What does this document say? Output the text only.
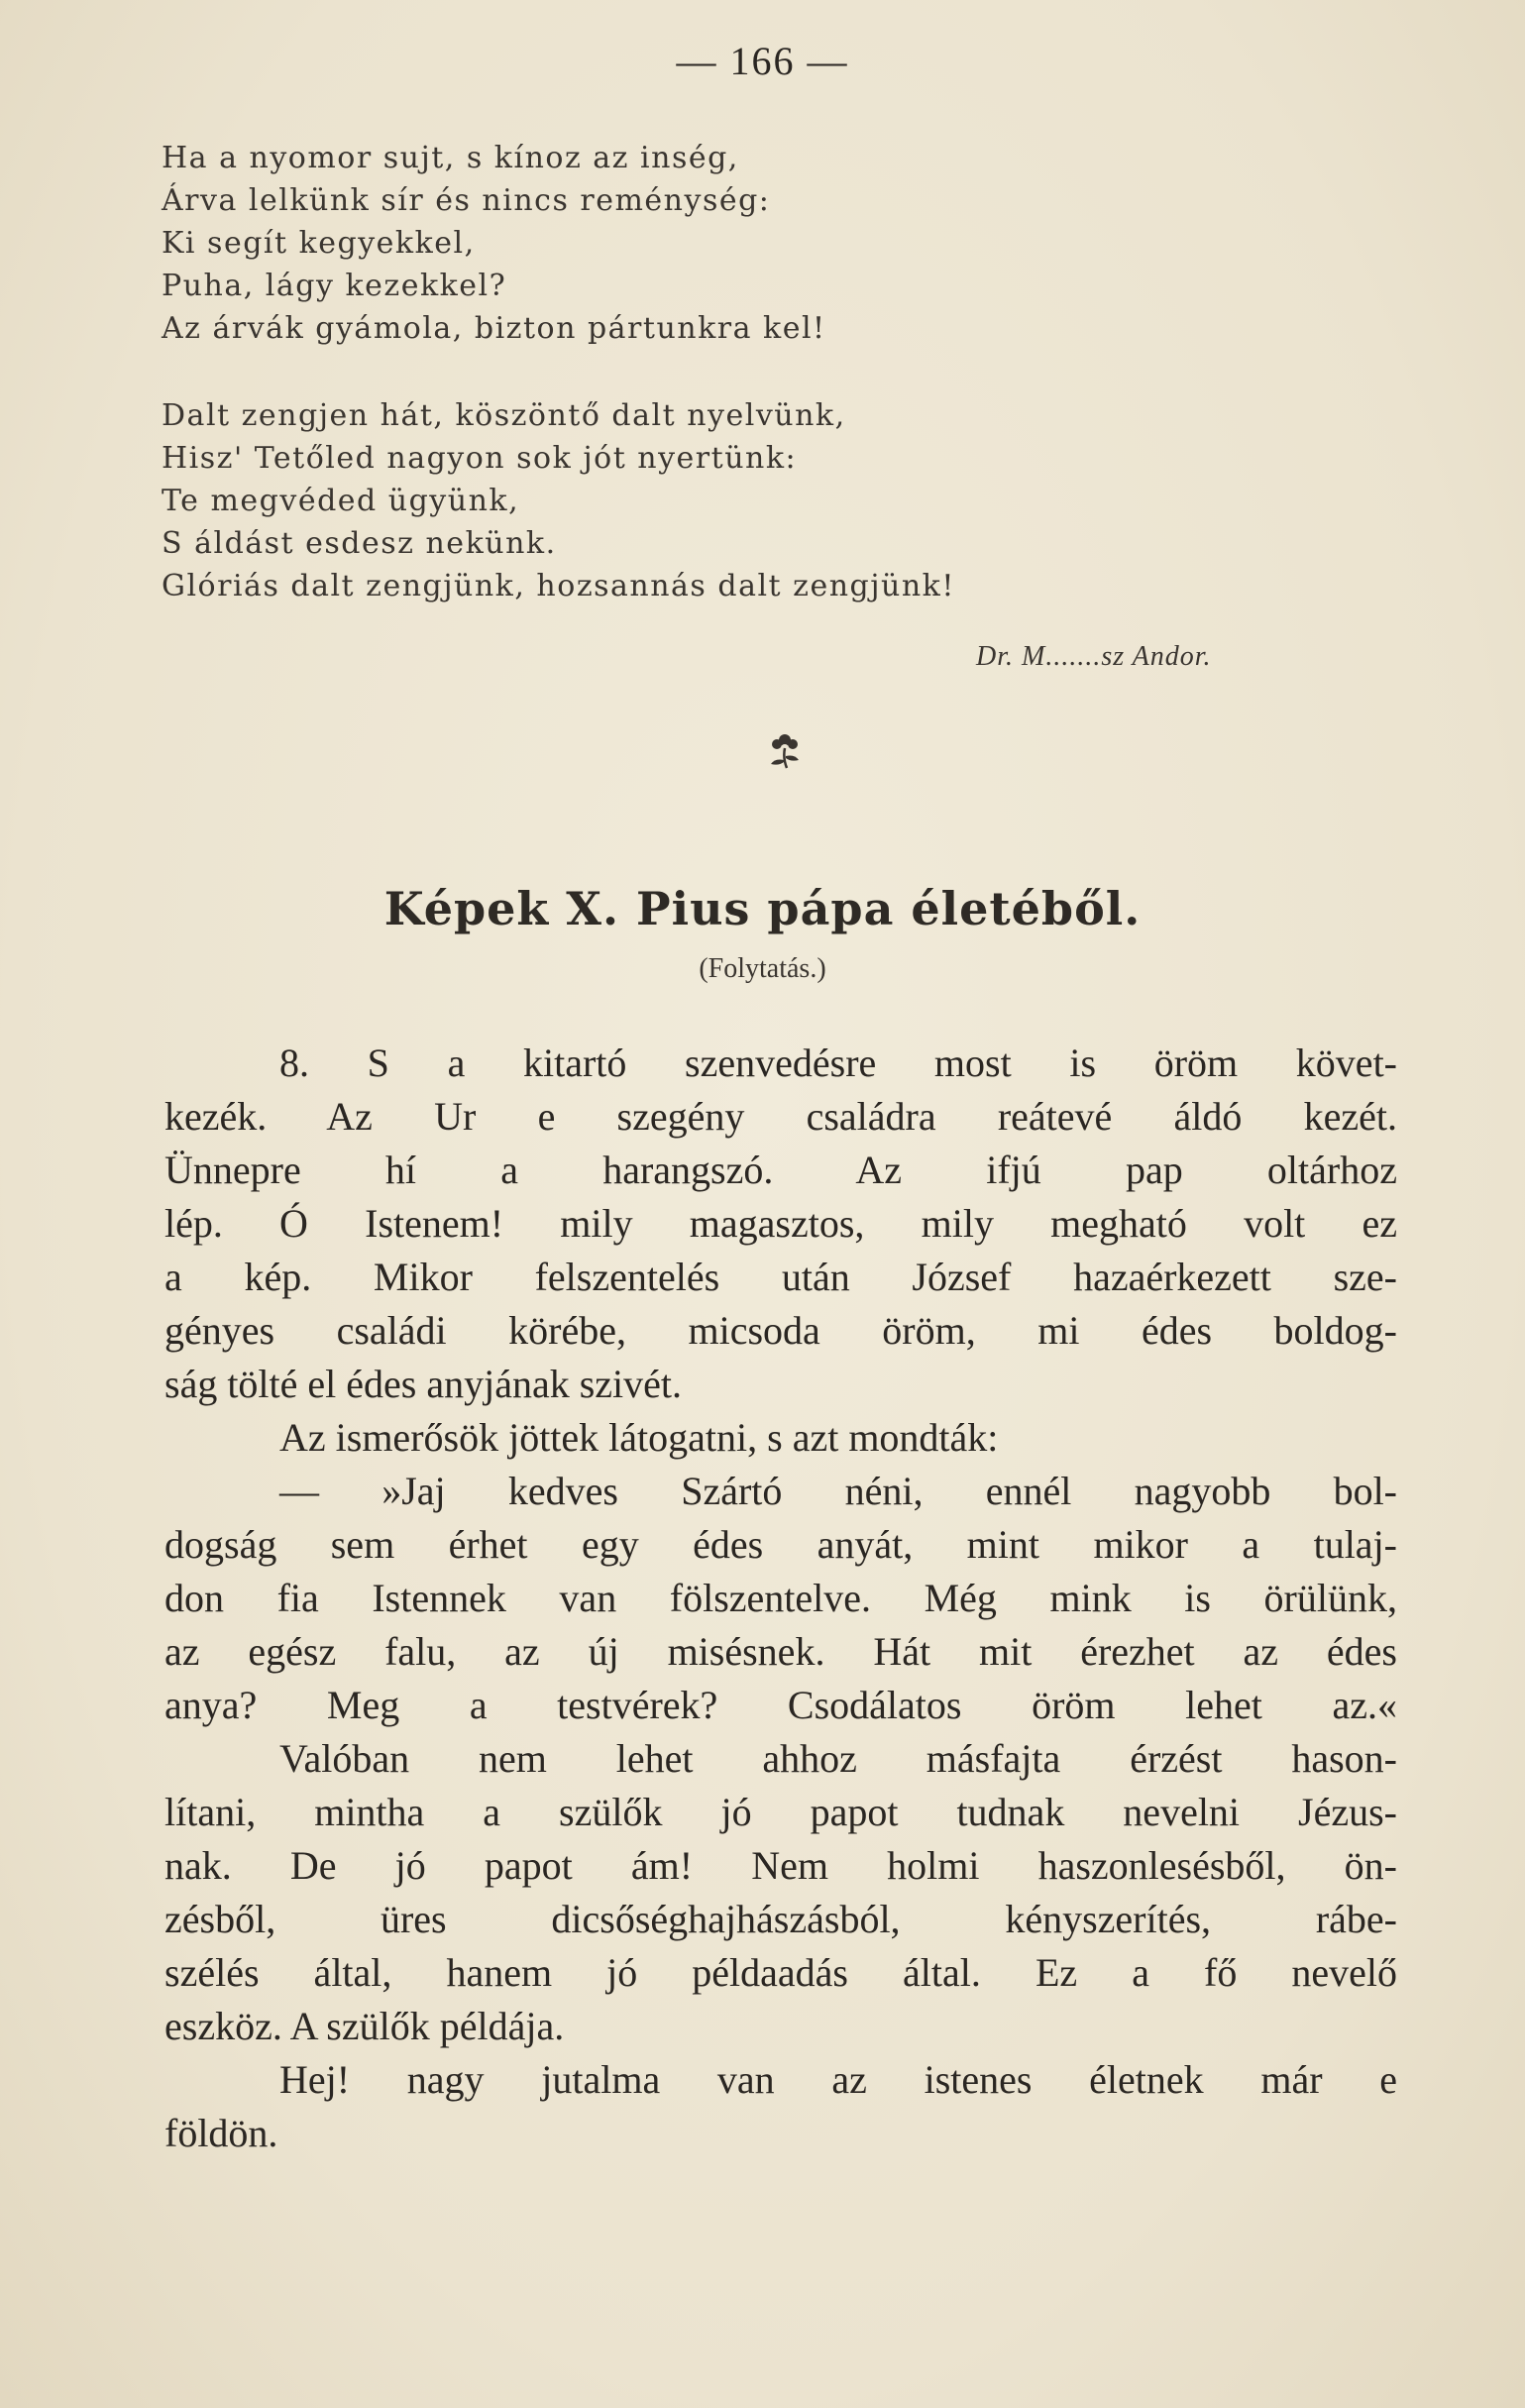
— 166 —
Ha a nyomor sujt, s kínoz az inség,
Árva lelkünk sír és nincs reménység:
Ki segít kegyekkel,
Puha, lágy kezekkel?
Az árvák gyámola, bizton pártunkra kel!
Dalt zengjen hát, köszöntő dalt nyelvünk,
Hisz' Tetőled nagyon sok jót nyertünk:
Te megvéded ügyünk,
S áldást esdesz nekünk.
Glóriás dalt zengjünk, hozsannás dalt zengjünk!
Dr. M.......sz Andor.
Képek X. Pius pápa életéből.
(Folytatás.)
8. S a kitartó szenvedésre most is öröm követ-
kezék. Az Ur e szegény családra reátevé áldó kezét.
Ünnepre hí a harangszó. Az ifjú pap oltárhoz
lép. Ó Istenem! mily magasztos, mily megható volt ez
a kép. Mikor felszentelés után József hazaérkezett sze-
gényes családi körébe, micsoda öröm, mi édes boldog-
ság tölté el édes anyjának szivét.
Az ismerősök jöttek látogatni, s azt mondták:
— »Jaj kedves Szártó néni, ennél nagyobb bol-
dogság sem érhet egy édes anyát, mint mikor a tulaj-
don fia Istennek van fölszentelve. Még mink is örülünk,
az egész falu, az új misésnek. Hát mit érezhet az édes
anya? Meg a testvérek? Csodálatos öröm lehet az.«
Valóban nem lehet ahhoz másfajta érzést hason-
lítani, mintha a szülők jó papot tudnak nevelni Jézus-
nak. De jó papot ám! Nem holmi haszonlesésből, ön-
zésből, üres dicsőséghajhászásból, kényszerítés, rábe-
szélés által, hanem jó példaadás által. Ez a fő nevelő
eszköz. A szülők példája.
Hej! nagy jutalma van az istenes életnek már e
földön.
